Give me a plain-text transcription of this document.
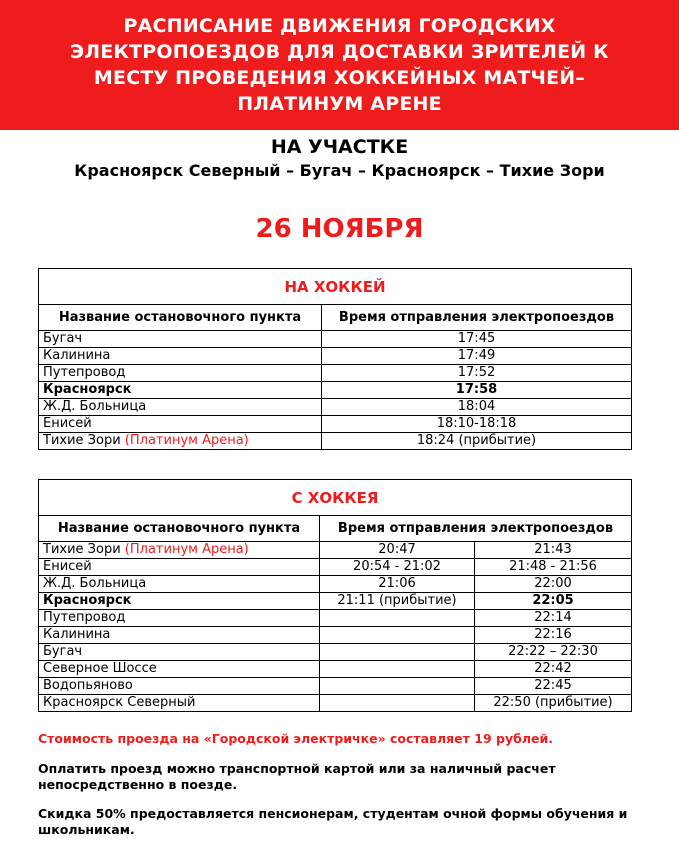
РАСПИСАНИЕ ДВИЖЕНИЯ ГОРОДСКИХ ЭЛЕКТРОПОЕЗДОВ ДЛЯ ДОСТАВКИ ЗРИТЕЛЕЙ К МЕСТУ ПРОВЕДЕНИЯ ХОККЕЙНЫХ МАТЧЕЙ– ПЛАТИНУМ АРЕНЕ
НА УЧАСТКЕ
Красноярск Северный – Бугач – Красноярск – Тихие Зори
26 НОЯБРЯ
НА ХОККЕЙ	
Название остановочного пункта	Время отправления электропоездов
Бугач	17:45
Калинина	17:49
Путепровод	17:52
Красноярск	17:58
Ж.Д. Больница	18:04
Енисей	18:10-18:18
Тихие Зори (Платинум Арена)	18:24 (прибытие)
С ХОККЕЯ		
Название остановочного пункта	Время отправления электропоездов	
Тихие Зори (Платинум Арена)	20:47	21:43
Енисей	20:54 - 21:02	21:48 - 21:56
Ж.Д. Больница	21:06	22:00
Красноярск	21:11 (прибытие)	22:05
Путепровод		22:14
Калинина		22:16
Бугач		22:22 – 22:30
Северное Шоссе		22:42
Водопьяново		22:45
Красноярск Северный		22:50 (прибытие)
Стоимость проезда на «Городской электричке» составляет 19 рублей.
Оплатить проезд можно транспортной картой или за наличный расчет непосредственно в поезде.
Скидка 50% предоставляется пенсионерам, студентам очной формы обучения и школьникам.
